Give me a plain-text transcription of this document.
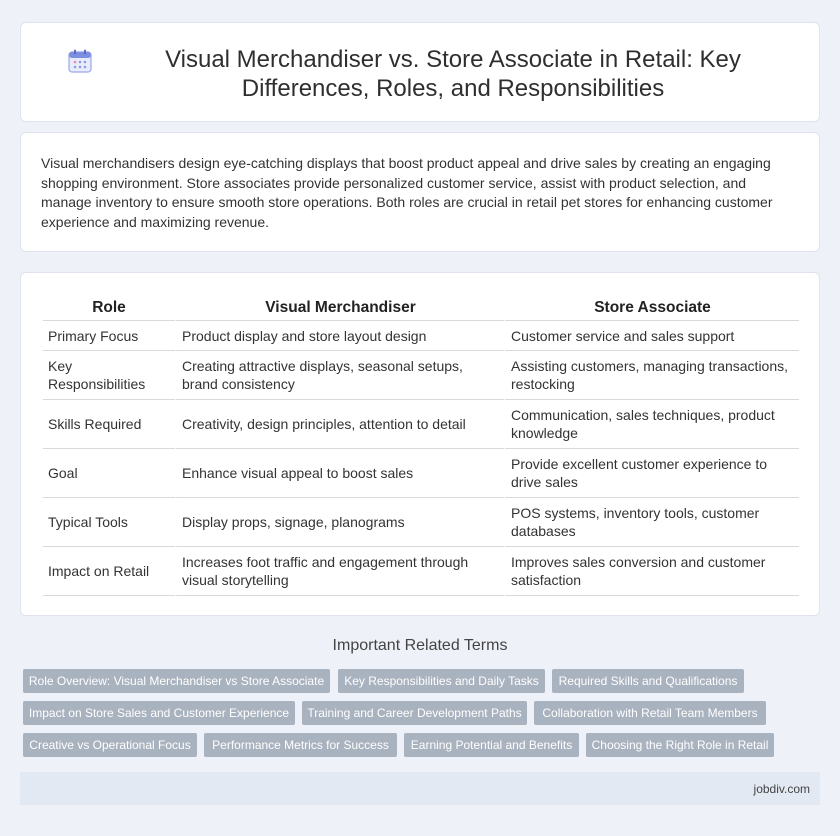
Visual Merchandiser vs. Store Associate in Retail: Key Differences, Roles, and Responsibilities

Visual merchandisers design eye-catching displays that boost product appeal and drive sales by creating an engaging shopping environment. Store associates provide personalized customer service, assist with product selection, and manage inventory to ensure smooth store operations. Both roles are crucial in retail pet stores for enhancing customer experience and maximizing revenue.

Role	Visual Merchandiser	Store Associate
Primary Focus	Product display and store layout design	Customer service and sales support
Key Responsibilities	Creating attractive displays, seasonal setups, brand consistency	Assisting customers, managing transactions, restocking
Skills Required	Creativity, design principles, attention to detail	Communication, sales techniques, product knowledge
Goal	Enhance visual appeal to boost sales	Provide excellent customer experience to drive sales
Typical Tools	Display props, signage, planograms	POS systems, inventory tools, customer databases
Impact on Retail	Increases foot traffic and engagement through visual storytelling	Improves sales conversion and customer satisfaction
Important Related Terms
Role Overview: Visual Merchandiser vs Store Associate	Key Responsibilities and Daily Tasks	Required Skills and Qualifications
Impact on Store Sales and Customer Experience	Training and Career Development Paths	Collaboration with Retail Team Members
Creative vs Operational Focus	Performance Metrics for Success	Earning Potential and Benefits	Choosing the Right Role in Retail
jobdiv.com
